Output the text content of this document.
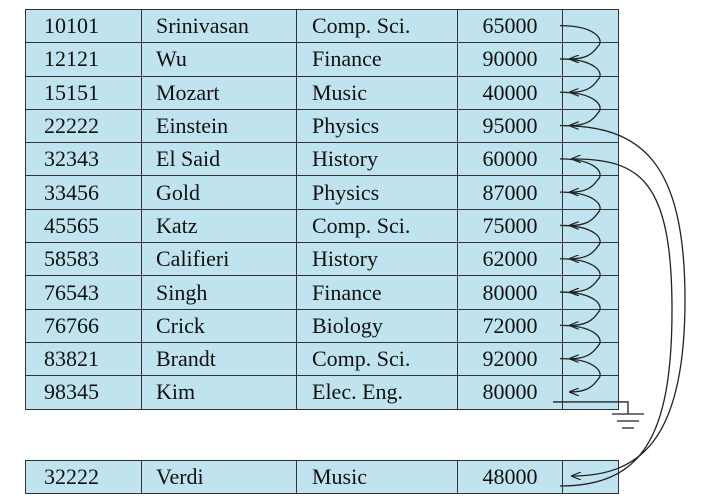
10101	Srinivasan	Comp. Sci.	65000	
12121	Wu	Finance	90000	
15151	Mozart	Music	40000	
22222	Einstein	Physics	95000	
32343	El Said	History	60000	
33456	Gold	Physics	87000	
45565	Katz	Comp. Sci.	75000	
58583	Califieri	History	62000	
76543	Singh	Finance	80000	
76766	Crick	Biology	72000	
83821	Brandt	Comp. Sci.	92000	
98345	Kim	Elec. Eng.	80000	
32222	Verdi	Music	48000	
